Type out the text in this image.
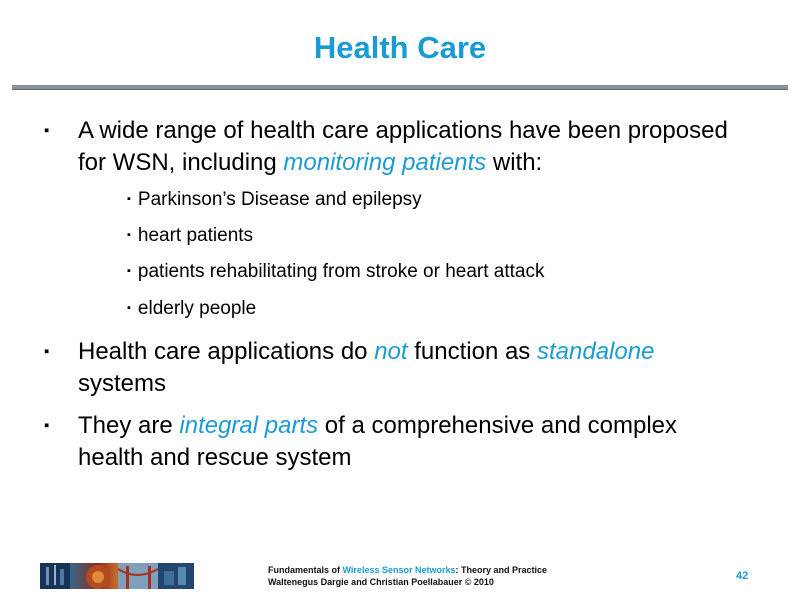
Health Care
▪ A wide range of health care applications have been proposed for WSN, including monitoring patients with:
▪ Parkinson’s Disease and epilepsy
▪ heart patients
▪ patients rehabilitating from stroke or heart attack
▪ elderly people
▪ Health care applications do not function as standalone systems
▪ They are integral parts of a comprehensive and complex health and rescue system
Fundamentals of Wireless Sensor Networks: Theory and Practice
Waltenegus Dargie and Christian Poellabauer © 2010	42
